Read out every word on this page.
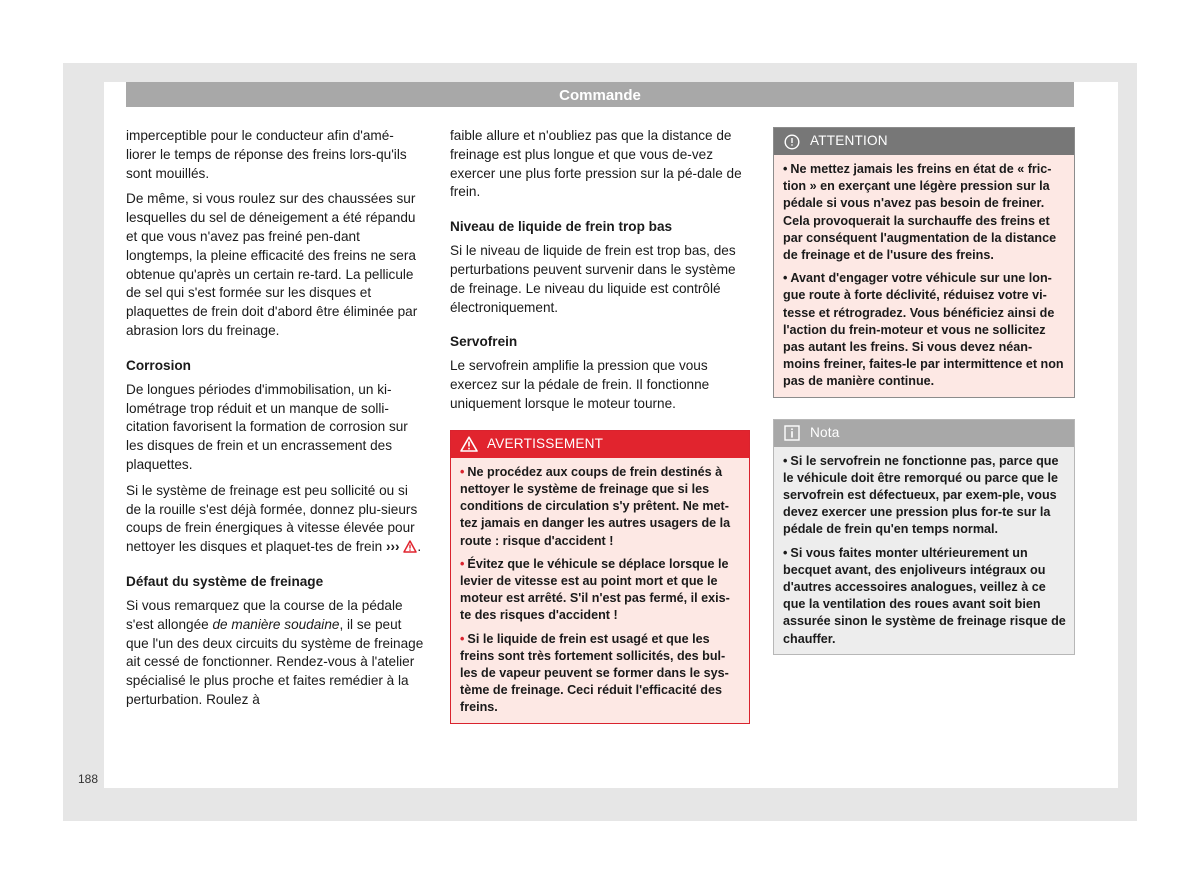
Commande

imperceptible pour le conducteur afin d'amé-liorer le temps de réponse des freins lors-qu'ils sont mouillés.

De même, si vous roulez sur des chaussées sur lesquelles du sel de déneigement a été répandu et que vous n'avez pas freiné pen-dant longtemps, la pleine efficacité des freins ne sera obtenue qu'après un certain re-tard. La pellicule de sel qui s'est formée sur les disques et plaquettes de frein doit d'abord être éliminée par abrasion lors du freinage.

Corrosion

De longues périodes d'immobilisation, un ki-lométrage trop réduit et un manque de solli-citation favorisent la formation de corrosion sur les disques de frein et un encrassement des plaquettes.

Si le système de freinage est peu sollicité ou si de la rouille s'est déjà formée, donnez plu-sieurs coups de frein énergiques à vitesse élevée pour nettoyer les disques et plaquet-tes de frein ››› .

Défaut du système de freinage

Si vous remarquez que la course de la pédale s'est allongée de manière soudaine, il se peut que l'un des deux circuits du système de freinage ait cessé de fonctionner. Rendez-vous à l'atelier spécialisé le plus proche et faites remédier à la perturbation. Roulez à

faible allure et n'oubliez pas que la distance de freinage est plus longue et que vous de-vez exercer une plus forte pression sur la pé-dale de frein.

Niveau de liquide de frein trop bas

Si le niveau de liquide de frein est trop bas, des perturbations peuvent survenir dans le système de freinage. Le niveau du liquide est contrôlé électroniquement.

Servofrein

Le servofrein amplifie la pression que vous exercez sur la pédale de frein. Il fonctionne uniquement lorsque le moteur tourne.

AVERTISSEMENT
• Ne procédez aux coups de frein destinés à nettoyer le système de freinage que si les conditions de circulation s'y prêtent. Ne met-tez jamais en danger les autres usagers de la route : risque d'accident !
• Évitez que le véhicule se déplace lorsque le levier de vitesse est au point mort et que le moteur est arrêté. S'il n'est pas fermé, il exis-te des risques d'accident !
• Si le liquide de frein est usagé et que les freins sont très fortement sollicités, des bul-les de vapeur peuvent se former dans le sys-tème de freinage. Ceci réduit l'efficacité des freins.
ATTENTION
• Ne mettez jamais les freins en état de « fric-tion » en exerçant une légère pression sur la pédale si vous n'avez pas besoin de freiner. Cela provoquerait la surchauffe des freins et par conséquent l'augmentation de la distance de freinage et de l'usure des freins.
• Avant d'engager votre véhicule sur une lon-gue route à forte déclivité, réduisez votre vi-tesse et rétrogradez. Vous bénéficiez ainsi de l'action du frein-moteur et vous ne sollicitez pas autant les freins. Si vous devez néan-moins freiner, faites-le par intermittence et non pas de manière continue.
Nota
• Si le servofrein ne fonctionne pas, parce que le véhicule doit être remorqué ou parce que le servofrein est défectueux, par exem-ple, vous devez exercer une pression plus for-te sur la pédale de frein qu'en temps normal.
• Si vous faites monter ultérieurement un becquet avant, des enjoliveurs intégraux ou d'autres accessoires analogues, veillez à ce que la ventilation des roues avant soit bien assurée sinon le système de freinage risque de chauffer.
188
